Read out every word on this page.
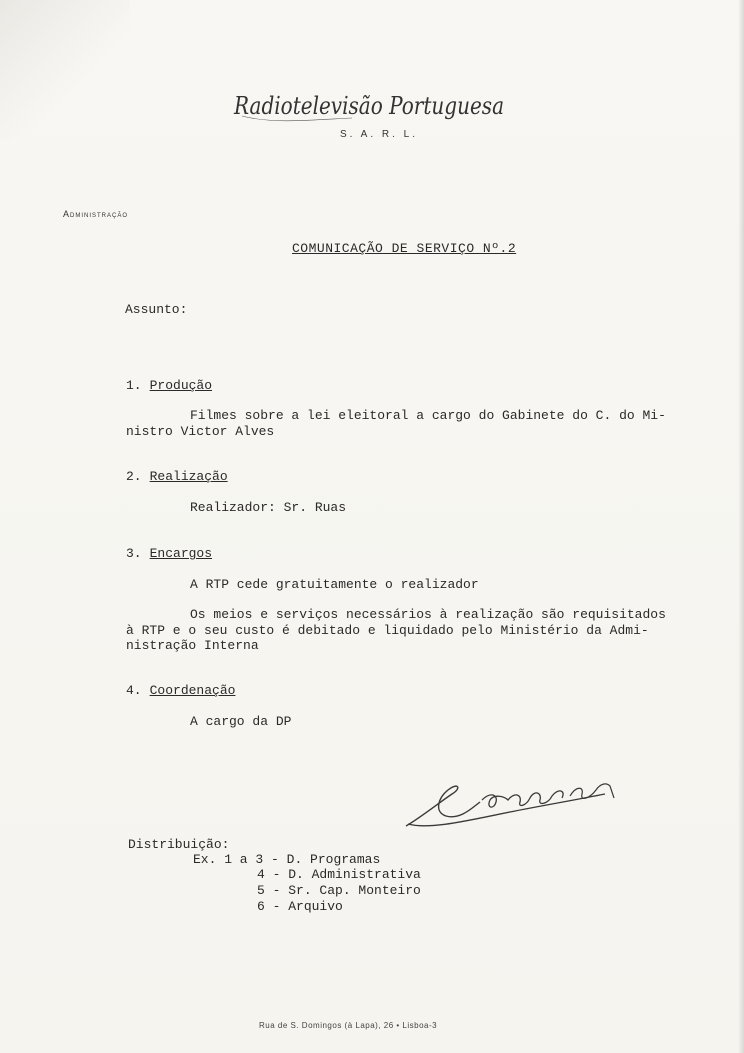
Radiotelevisão Portuguesa
S. A. R. L.
Administração
COMUNICAÇÃO DE SERVIÇO Nº.2
Assunto:
1. Produção
Filmes sobre a lei eleitoral a cargo do Gabinete do C. do Mi-
nistro Victor Alves
2. Realização
Realizador: Sr. Ruas
3. Encargos
A RTP cede gratuitamente o realizador
Os meios e serviços necessários à realização são requisitados
à RTP e o seu custo é debitado e liquidado pelo Ministério da Admi-
nistração Interna
4. Coordenação
A cargo da DP
Distribuição:
Ex. 1 a 3 - D. Programas
4 - D. Administrativa
5 - Sr. Cap. Monteiro
6 - Arquivo
Rua de S. Domingos (à Lapa), 26 • Lisboa-3
